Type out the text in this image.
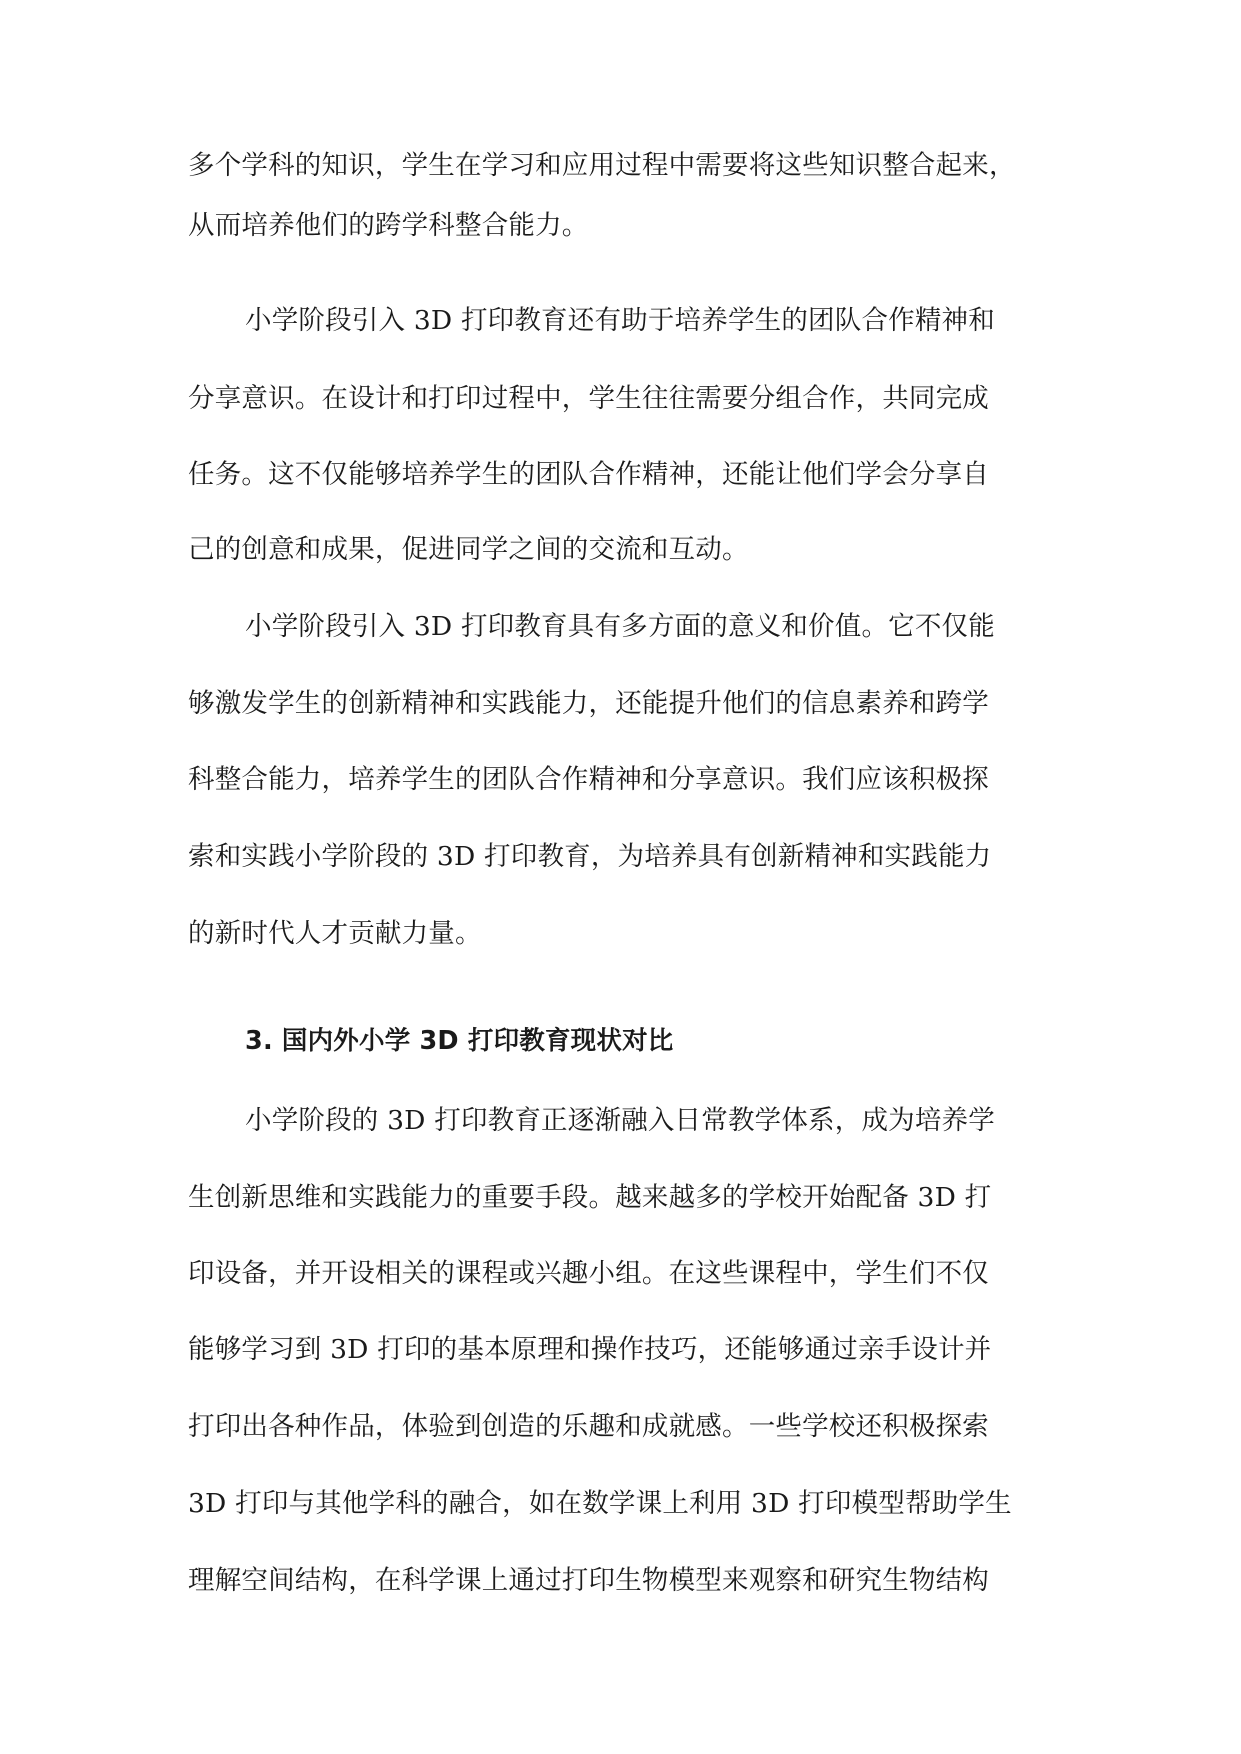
多个学科的知识，学生在学习和应用过程中需要将这些知识整合起来，
从而培养他们的跨学科整合能力。
小学阶段引入 3D 打印教育还有助于培养学生的团队合作精神和
分享意识。在设计和打印过程中，学生往往需要分组合作，共同完成
任务。这不仅能够培养学生的团队合作精神，还能让他们学会分享自
己的创意和成果，促进同学之间的交流和互动。
小学阶段引入 3D 打印教育具有多方面的意义和价值。它不仅能
够激发学生的创新精神和实践能力，还能提升他们的信息素养和跨学
科整合能力，培养学生的团队合作精神和分享意识。我们应该积极探
索和实践小学阶段的 3D 打印教育，为培养具有创新精神和实践能力
的新时代人才贡献力量。
3. 国内外小学 3D 打印教育现状对比
小学阶段的 3D 打印教育正逐渐融入日常教学体系，成为培养学
生创新思维和实践能力的重要手段。越来越多的学校开始配备 3D 打
印设备，并开设相关的课程或兴趣小组。在这些课程中，学生们不仅
能够学习到 3D 打印的基本原理和操作技巧，还能够通过亲手设计并
打印出各种作品，体验到创造的乐趣和成就感。一些学校还积极探索
3D 打印与其他学科的融合，如在数学课上利用 3D 打印模型帮助学生
理解空间结构，在科学课上通过打印生物模型来观察和研究生物结构
